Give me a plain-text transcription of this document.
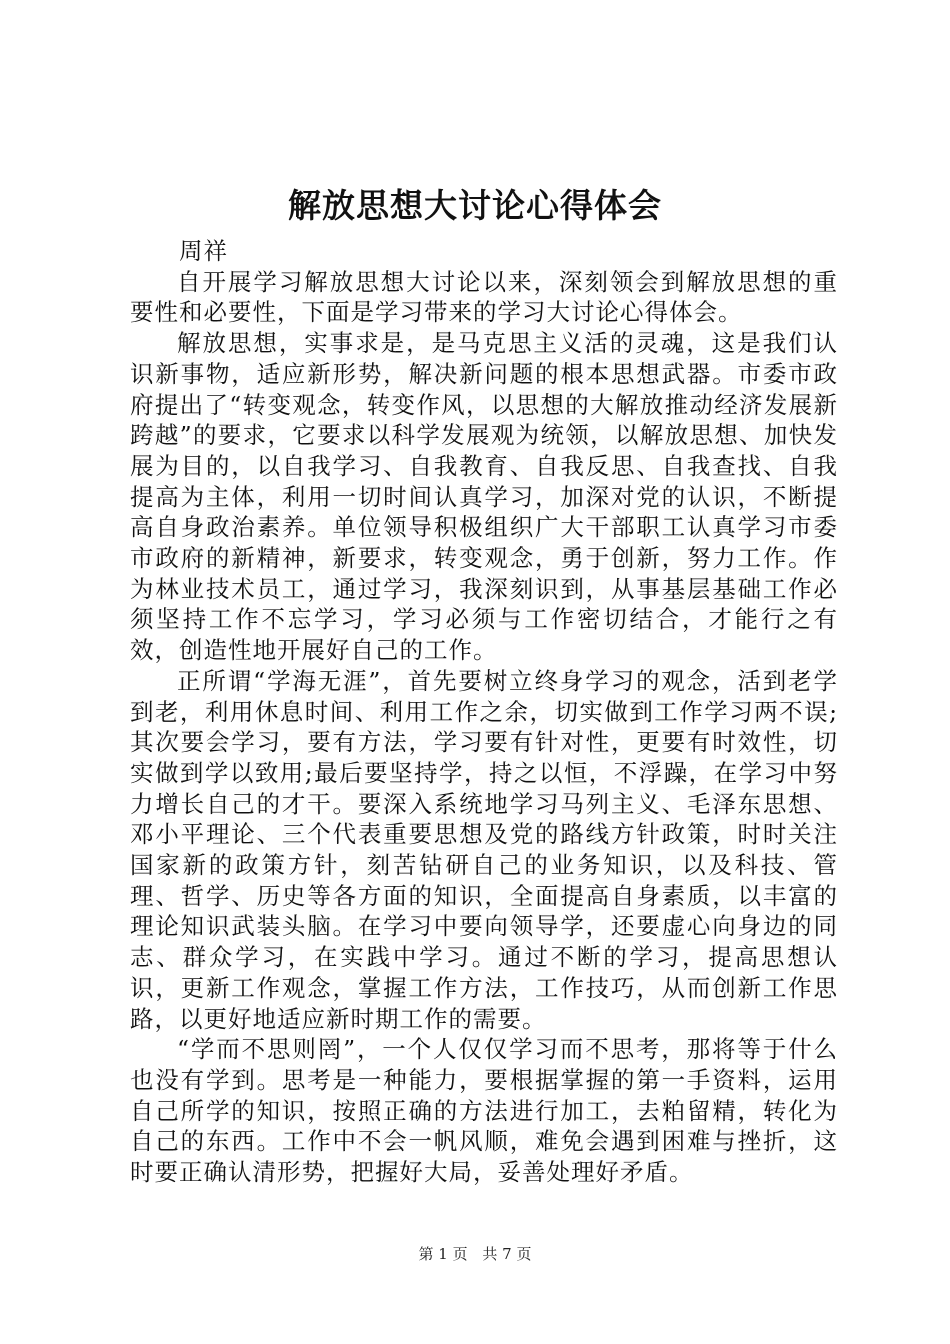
解放思想大讨论心得体会
周祥

自开展学习解放思想大讨论以来，深刻领会到解放思想的重要性和必要性，下面是学习带来的学习大讨论心得体会。

解放思想，实事求是，是马克思主义活的灵魂，这是我们认识新事物，适应新形势，解决新问题的根本思想武器。市委市政府提出了“转变观念，转变作风，以思想的大解放推动经济发展新跨越”的要求，它要求以科学发展观为统领，以解放思想、加快发展为目的，以自我学习、自我教育、自我反思、自我查找、自我提高为主体，利用一切时间认真学习，加深对党的认识，不断提高自身政治素养。单位领导积极组织广大干部职工认真学习市委市政府的新精神，新要求，转变观念，勇于创新，努力工作。作为林业技术员工，通过学习，我深刻识到，从事基层基础工作必须坚持工作不忘学习，学习必须与工作密切结合，才能行之有效，创造性地开展好自己的工作。

正所谓“学海无涯”，首先要树立终身学习的观念，活到老学到老，利用休息时间、利用工作之余，切实做到工作学习两不误;其次要会学习，要有方法，学习要有针对性，更要有时效性，切实做到学以致用;最后要坚持学，持之以恒，不浮躁，在学习中努力增长自己的才干。要深入系统地学习马列主义、毛泽东思想、邓小平理论、三个代表重要思想及党的路线方针政策，时时关注国家新的政策方针，刻苦钻研自己的业务知识，以及科技、管理、哲学、历史等各方面的知识，全面提高自身素质，以丰富的理论知识武装头脑。在学习中要向领导学，还要虚心向身边的同志、群众学习，在实践中学习。通过不断的学习，提高思想认识，更新工作观念，掌握工作方法，工作技巧，从而创新工作思路，以更好地适应新时期工作的需要。

“学而不思则罔”，一个人仅仅学习而不思考，那将等于什么也没有学到。思考是一种能力，要根据掌握的第一手资料，运用自己所学的知识，按照正确的方法进行加工，去粕留精，转化为自己的东西。工作中不会一帆风顺，难免会遇到困难与挫折，这时要正确认清形势，把握好大局，妥善处理好矛盾。

第 1 页 共 7 页
